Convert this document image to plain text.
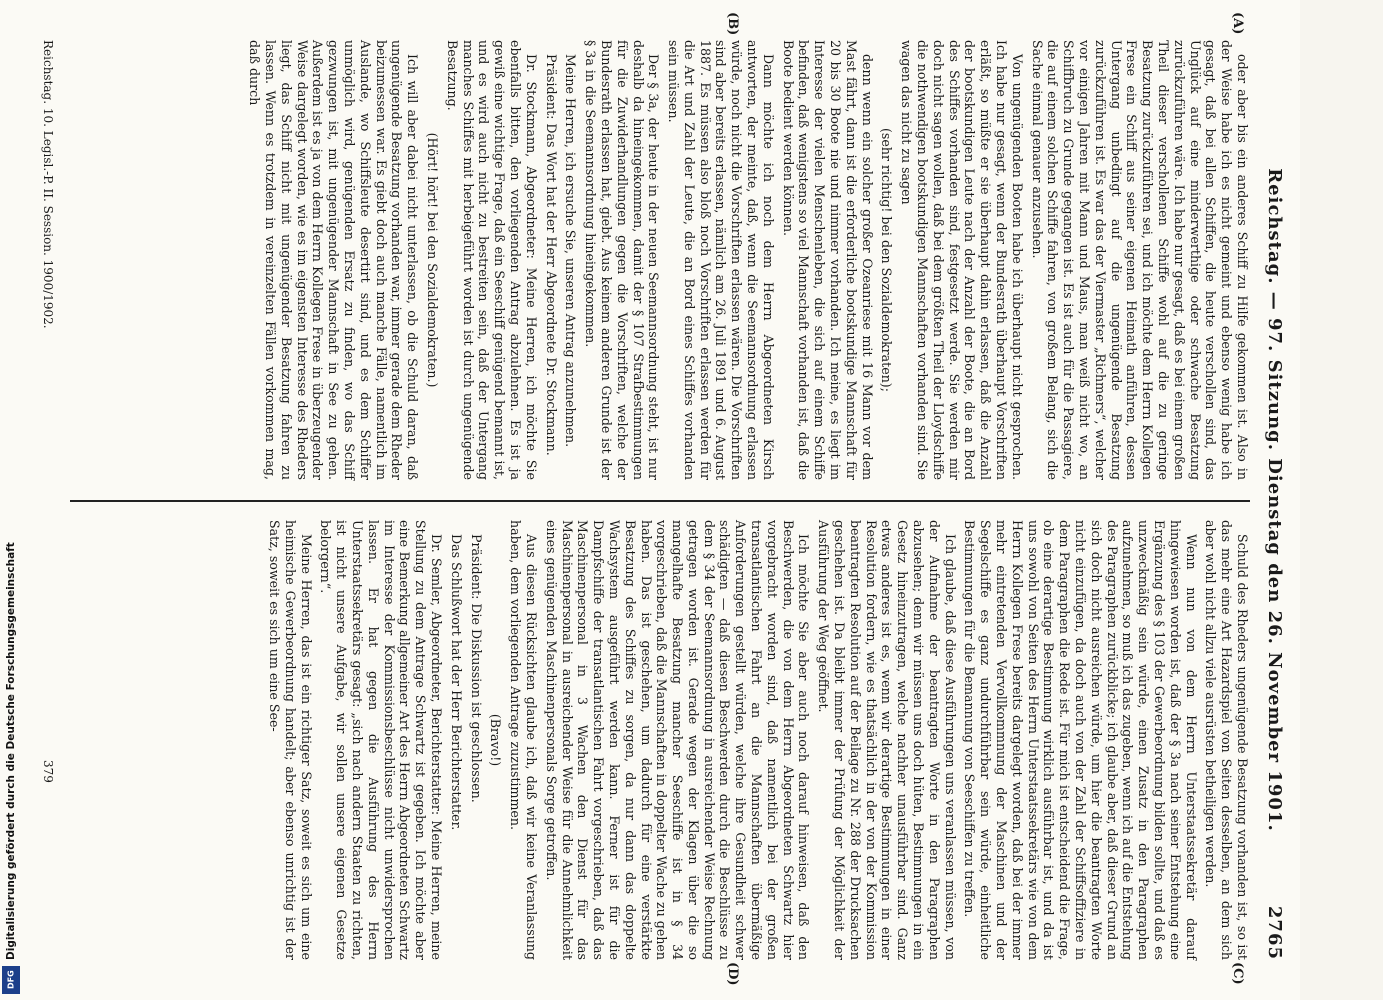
Reichstag. — 97. Sitzung. Dienstag den 26. November 1901.
2765
(A)
(B)
(C)
(D)

oder aber bis ein anderes Schiff zu Hilfe gekommen ist. Also in der Weise habe ich es nicht gemeint und ebenso wenig habe ich gesagt, daß bei allen Schiffen, die heute verschollen sind, das Unglück auf eine minderwerthige oder schwache Besatzung zurückzuführen wäre. Ich habe nur gesagt, daß es bei einem großen Theil dieser verschollenen Schiffe wohl auf die zu geringe Besatzung zurückzuführen sei, und ich möchte dem Herrn Kollegen Frese ein Schiff aus seiner eigenen Heimath anführen, dessen Untergang unbedingt auf die ungenügende Besatzung zurückzuführen ist. Es war das der Viermaster „Richmers“, welcher vor einigen Jahren mit Mann und Maus, man weiß nicht wo, an Schiffbruch zu Grunde gegangen ist. Es ist auch für die Passagiere, die auf einem solchen Schiffe fahren, von großem Belang, sich die Sache einmal genauer anzusehen.

Von ungenügenden Booten habe ich überhaupt nicht gesprochen. Ich habe nur gesagt, wenn der Bundesrath überhaupt Vorschriften erläßt, so müßte er sie überhaupt dahin erlassen, daß die Anzahl der bootskundigen Leute nach der Anzahl der Boote, die an Bord des Schiffes vorhanden sind, festgesetzt werde. Sie werden mir doch nicht sagen wollen, daß bei dem größten Theil der Lloydschiffe die nothwendigen bootskundigen Mannschaften vorhanden sind. Sie wagen das nicht zu sagen

(sehr richtig! bei den Sozialdemokraten);

denn wenn ein solcher großer Ozeanriese mit 16 Mann vor dem Mast fährt, dann ist die erforderliche bootskundige Mannschaft für 20 bis 30 Boote nie und nimmer vorhanden. Ich meine, es liegt im Interesse der vielen Menschenleben, die sich auf einem Schiffe befinden, daß wenigstens so viel Mannschaft vorhanden ist, daß die Boote bedient werden können.

Dann möchte ich noch dem Herrn Abgeordneten Kirsch antworten, der meinte, daß, wenn die Seemannsordnung erlassen würde, noch nicht die Vorschriften erlassen wären. Die Vorschriften sind aber bereits erlassen, nämlich am 26. Juli 1891 und 6. August 1887. Es müssen also bloß noch Vorschriften erlassen werden für die Art und Zahl der Leute, die an Bord eines Schiffes vorhanden sein müssen.

Der § 3a, der heute in der neuen Seemannsordnung steht, ist nur deshalb da hineingekommen, damit der § 107 Strafbestimmungen für die Zuwiderhandlungen gegen die Vorschriften, welche der Bundesrath erlassen hat, giebt. Aus keinem anderen Grunde ist der § 3a in die Seemannsordnung hineingekommen.

Meine Herren, ich ersuche Sie, unseren Antrag anzunehmen.

Präsident: Das Wort hat der Herr Abgeordnete Dr. Stockmann.

Dr. Stockmann, Abgeordneter: Meine Herren, ich möchte Sie ebenfalls bitten, den vorliegenden Antrag abzulehnen. Es ist ja gewiß eine wichtige Frage, daß ein Seeschiff genügend bemannt ist, und es wird auch nicht zu bestreiten sein, daß der Untergang manches Schiffes mit herbeigeführt worden ist durch ungenügende Besatzung.

(Hört! hört! bei den Sozialdemokraten.)

Ich will aber dabei nicht unterlassen, ob die Schuld daran, daß ungenügende Besatzung vorhanden war, immer gerade dem Rheder beizumessen war. Es giebt doch auch manche Fälle, namentlich im Auslande, wo Schiffsleute desertirt sind, und es dem Schiffer unmöglich wird, genügenden Ersatz zu finden, wo das Schiff gezwungen ist, mit ungenügender Mannschaft in See zu gehen. Außerdem ist es ja von dem Herrn Kollegen Frese in überzeugender Weise dargelegt worden, wie es im eigensten Interesse des Rheders liegt, das Schiff nicht mit ungenügender Besatzung fahren zu lassen. Wenn es trotzdem in vereinzelten Fällen vorkommen mag, daß durch

Schuld des Rheders ungenügende Besatzung vorhanden ist, so ist das mehr eine Art Hazardspiel von Seiten desselben, an dem sich aber wohl nicht allzu viele ausrüsten betheiligen werden.

Wenn nun von dem Herrn Unterstaatssekretär darauf hingewiesen worden ist, daß der § 3a nach seiner Entstehung eine Ergänzung des § 103 der Gewerbeordnung bilden sollte, und daß es unzweckmäßig sein würde, einen Zusatz in den Paragraphen aufzunehmen, so muß ich das zugeben, wenn ich auf die Entstehung des Paragraphen zurückblicke; ich glaube aber, daß dieser Grund an sich doch nicht ausreichen würde, um hier die beantragten Worte nicht einzufügen, da doch auch von der Zahl der Schiffsoffiziere in dem Paragraphen die Rede ist. Für mich ist entscheidend die Frage, ob eine derartige Bestimmung wirklich ausführbar ist, und da ist uns sowohl von Seiten des Herrn Unterstaatssekretärs wie von dem Herrn Kollegen Frese bereits dargelegt worden, daß bei der immer mehr eintretenden Vervollkommnung der Maschinen und der Segelschiffe es ganz undurchführbar sein würde, einheitliche Bestimmungen für die Bemannung von Seeschiffen zu treffen.

Ich glaube, daß diese Ausführungen uns veranlassen müssen, von der Aufnahme der beantragten Worte in den Paragraphen abzusehen; denn wir müssen uns doch hüten, Bestimmungen in ein Gesetz hineinzutragen, welche nachher unausführbar sind. Ganz etwas anderes ist es, wenn wir derartige Bestimmungen in einer Resolution fordern, wie es thatsächlich in der von der Kommission beantragten Resolution auf der Beilage zu Nr. 288 der Drucksachen geschehen ist. Da bleibt immer der Prüfung der Möglichkeit der Ausführung der Weg geöffnet.

Ich möchte Sie aber auch noch darauf hinweisen, daß den Beschwerden, die von dem Herrn Abgeordneten Schwartz hier vorgebracht worden sind, daß namentlich bei der großen transatlantischen Fahrt an die Mannschaften übermäßige Anforderungen gestellt würden, welche ihre Gesundheit schwer schädigten — daß diesen Beschwerden durch die Beschlüsse zu dem § 34 der Seemannsordnung in ausreichender Weise Rechnung getragen worden ist. Gerade wegen der Klagen über die so mangelhafte Besatzung mancher Seeschiffe ist in § 34 vorgeschrieben, daß die Mannschaften in doppelter Wache zu gehen haben. Das ist geschehen, um dadurch für eine verstärkte Besatzung des Schiffes zu sorgen, da nur dann das doppelte Wachsystem ausgeführt werden kann. Ferner ist für die Dampfschiffe der transatlantischen Fahrt vorgeschrieben, daß das Maschinenpersonal in 3 Wachen den Dienst für das Maschinenpersonal in ausreichender Weise für die Annehmlichkeit eines genügenden Maschinenpersonals Sorge getroffen.

Aus diesen Rücksichten glaube ich, daß wir keine Veranlassung haben, dem vorliegenden Antrage zuzustimmen.

(Bravo!)

Präsident: Die Diskussion ist geschlossen.

Das Schlußwort hat der Herr Berichterstatter.

Dr. Semler, Abgeordneter, Berichterstatter: Meine Herren, meine Stellung zu dem Antrage Schwartz ist gegeben. Ich möchte aber eine Bemerkung allgemeiner Art des Herrn Abgeordneten Schwartz im Interesse der Kommissionsbeschlüsse nicht unwidersprochen lassen. Er hat gegen die Ausführung des Herrn Unterstaatssekretärs gesagt: „sich nach andern Staaten zu richten, ist nicht unsere Aufgabe, wir sollen unsere eigenen Gesetze belorgern“.

Meine Herren, das ist ein richtiger Satz, soweit es sich um eine heimische Gewerbeordnung handelt; aber ebenso unrichtig ist der Satz, soweit es sich um eine See-

Reichstag. 10. Legisl.-P. II. Session. 1900/1902.
379
Digitalisierung gefördert durch die Deutsche Forschungsgemeinschaft
DFG
